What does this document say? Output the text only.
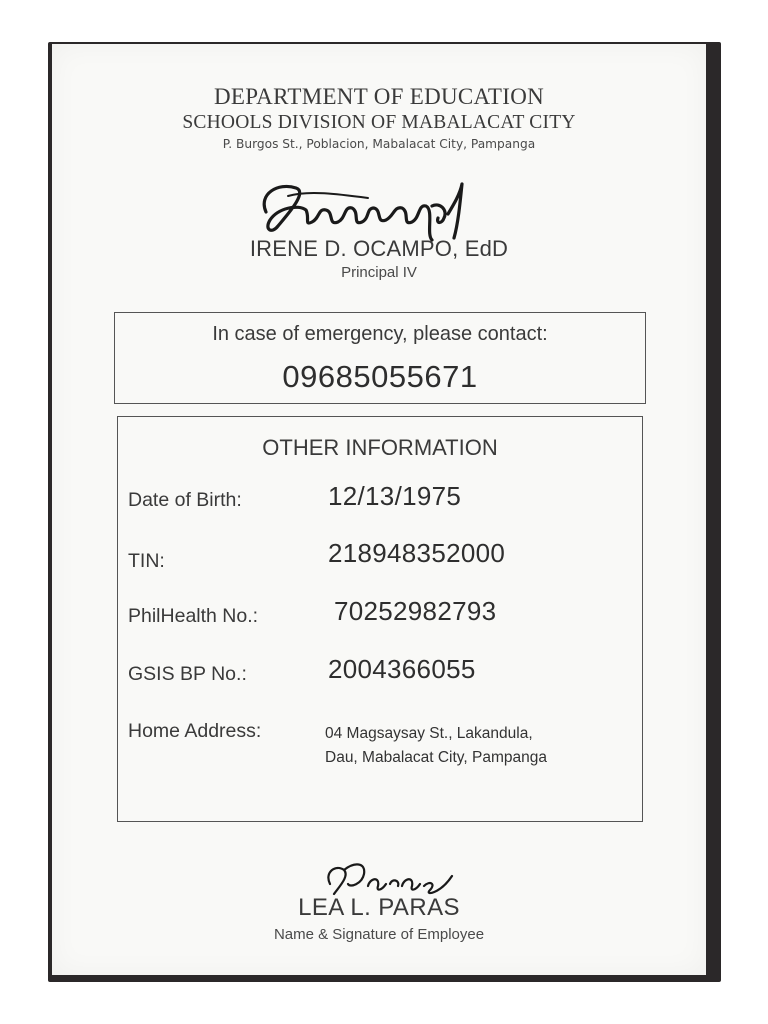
DEPARTMENT OF EDUCATION
SCHOOLS DIVISION OF MABALACAT CITY
P. Burgos St., Poblacion, Mabalacat City, Pampanga
IRENE D. OCAMPO, EdD
Principal IV
In case of emergency, please contact:
09685055671
OTHER INFORMATION
Date of Birth:	12/13/1975
TIN:	218948352000
PhilHealth No.:	70252982793
GSIS BP No.:	2004366055
Home Address:	04 Magsaysay St., Lakandula,
Dau, Mabalacat City, Pampanga
LEA L. PARAS
Name & Signature of Employee
